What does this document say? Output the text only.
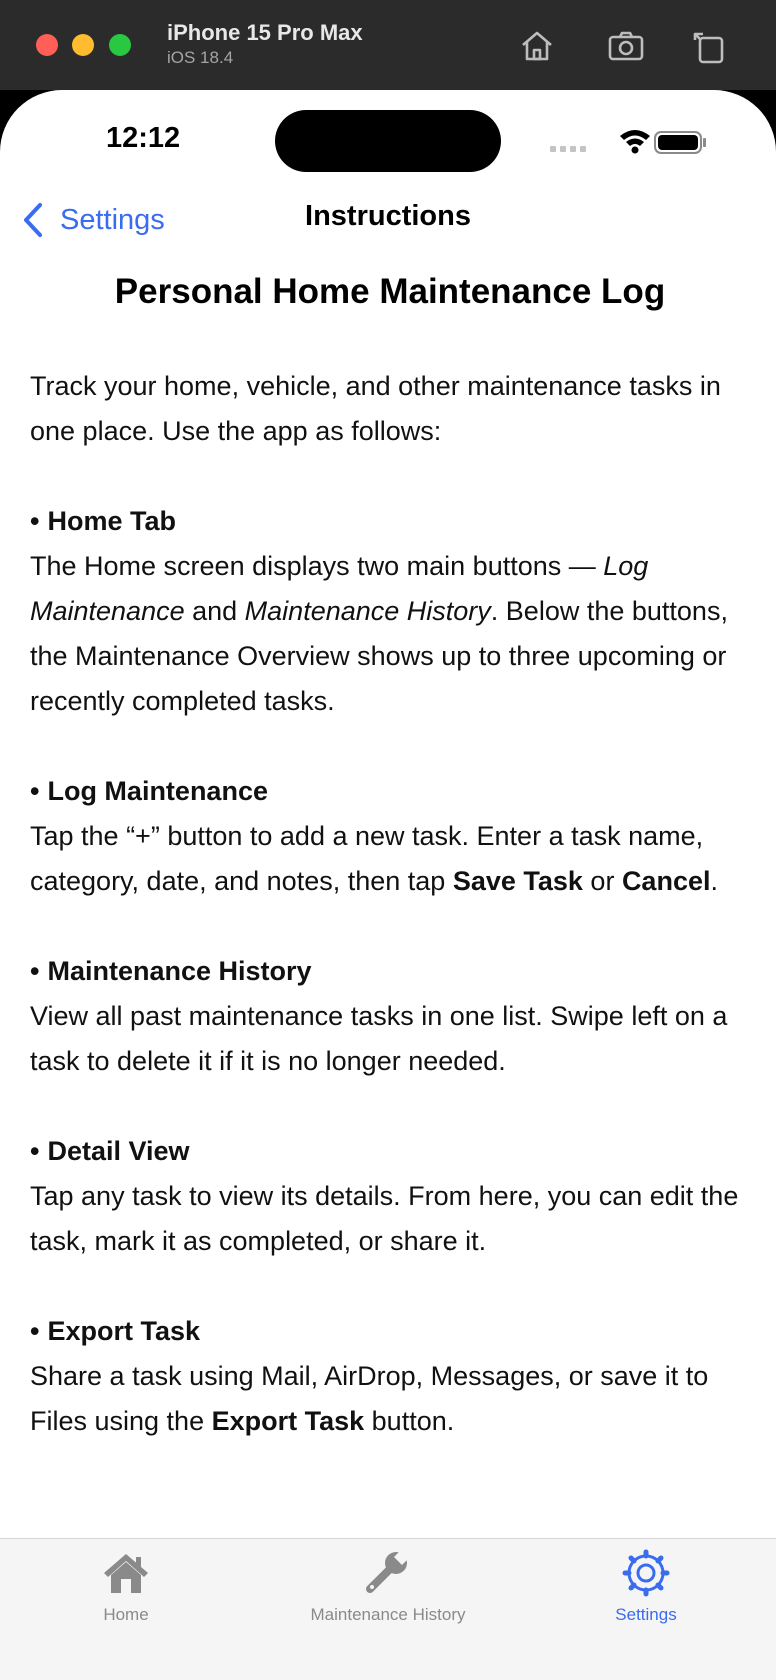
iPhone 15 Pro Max
iOS 18.4
12:12
Settings	Instructions
Personal Home Maintenance Log
Track your home, vehicle, and other maintenance tasks in one place. Use the app as follows:
• Home Tab
The Home screen displays two main buttons — Log Maintenance and Maintenance History. Below the buttons, the Maintenance Overview shows up to three upcoming or recently completed tasks.
• Log Maintenance
Tap the “+” button to add a new task. Enter a task name, category, date, and notes, then tap Save Task or Cancel.
• Maintenance History
View all past maintenance tasks in one list. Swipe left on a task to delete it if it is no longer needed.
• Detail View
Tap any task to view its details. From here, you can edit the task, mark it as completed, or share it.
• Export Task
Share a task using Mail, AirDrop, Messages, or save it to Files using the Export Task button.
Home	Maintenance History	Settings
